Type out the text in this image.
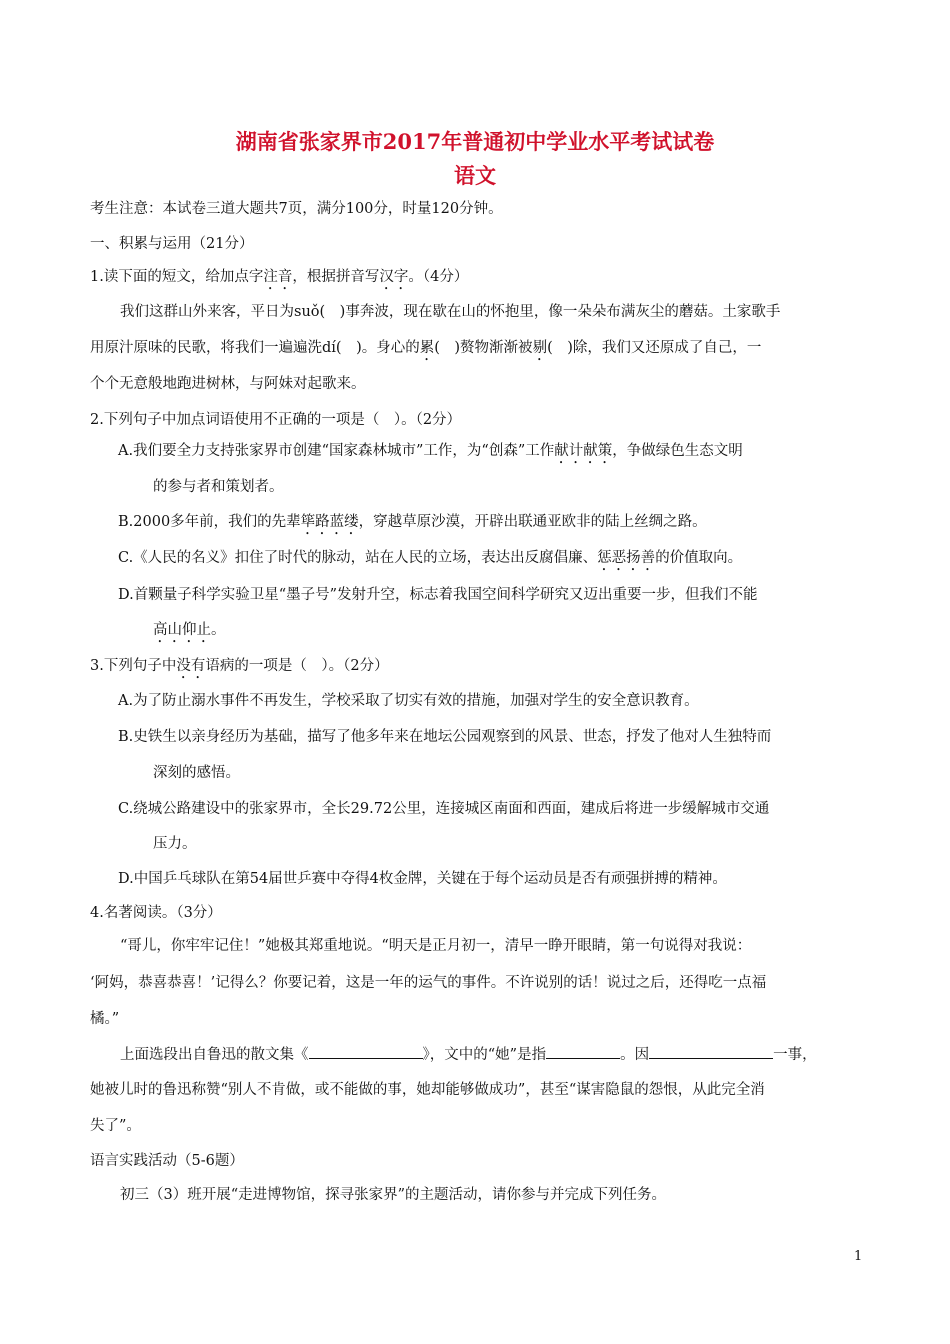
湖南省张家界市2017年普通初中学业水平考试试卷
语文
考生注意：本试卷三道大题共7页，满分100分，时量120分钟。
一、积累与运用（21分）
1.读下面的短文，给加点字注音，根据拼音写汉字。（4分）
我们这群山外来客，平日为suǒ(　)事奔波，现在歇在山的怀抱里，像一朵朵布满灰尘的蘑菇。土家歌手
用原汁原味的民歌，将我们一遍遍洗dí(　)。身心的累(　)赘物渐渐被剔(　)除，我们又还原成了自己，一
个个无意般地跑进树林，与阿妹对起歌来。
2.下列句子中加点词语使用不正确的一项是（　）。（2分）
A.我们要全力支持张家界市创建“国家森林城市”工作，为“创森”工作献计献策，争做绿色生态文明
的参与者和策划者。
B.2000多年前，我们的先辈筚路蓝缕，穿越草原沙漠，开辟出联通亚欧非的陆上丝绸之路。
C.《人民的名义》扣住了时代的脉动，站在人民的立场，表达出反腐倡廉、惩恶扬善的价值取向。
D.首颗量子科学实验卫星“墨子号”发射升空，标志着我国空间科学研究又迈出重要一步，但我们不能
高山仰止。
3.下列句子中没有语病的一项是（　）。（2分）
A.为了防止溺水事件不再发生，学校采取了切实有效的措施，加强对学生的安全意识教育。
B.史铁生以亲身经历为基础，描写了他多年来在地坛公园观察到的风景、世态，抒发了他对人生独特而
深刻的感悟。
C.绕城公路建设中的张家界市，全长29.72公里，连接城区南面和西面，建成后将进一步缓解城市交通
压力。
D.中国乒乓球队在第54届世乒赛中夺得4枚金牌，关键在于每个运动员是否有顽强拼搏的精神。
4.名著阅读。（3分）
“哥儿，你牢牢记住！”她极其郑重地说。“明天是正月初一，清早一睁开眼睛，第一句说得对我说：
‘阿妈，恭喜恭喜！’记得么？你要记着，这是一年的运气的事件。不许说别的话！说过之后，还得吃一点福
橘。”
上面选段出自鲁迅的散文集《	》，文中的“她”是指	。因	一事，
她被儿时的鲁迅称赞“别人不肯做，或不能做的事，她却能够做成功”，甚至“谋害隐鼠的怨恨，从此完全消
失了”。
语言实践活动（5-6题）
初三（3）班开展“走进博物馆，探寻张家界”的主题活动，请你参与并完成下列任务。
1
